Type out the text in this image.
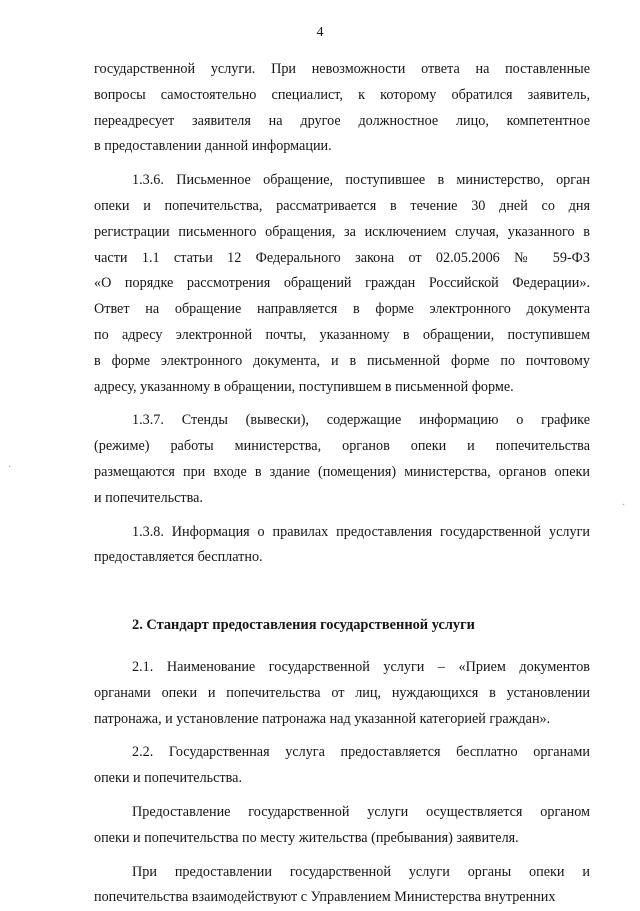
4
государственной услуги. При невозможности ответа на поставленные
вопросы самостоятельно специалист, к которому обратился заявитель,
переадресует заявителя на другое должностное лицо, компетентное
в предоставлении данной информации.
1.3.6. Письменное обращение, поступившее в министерство, орган
опеки и попечительства, рассматривается в течение 30 дней со дня
регистрации письменного обращения, за исключением случая, указанного в
части 1.1 статьи 12 Федерального закона от 02.05.2006 № 59-ФЗ
«О порядке рассмотрения обращений граждан Российской Федерации».
Ответ на обращение направляется в форме электронного документа
по адресу электронной почты, указанному в обращении, поступившем
в форме электронного документа, и в письменной форме по почтовому
адресу, указанному в обращении, поступившем в письменной форме.
1.3.7. Стенды (вывески), содержащие информацию о графике
(режиме) работы министерства, органов опеки и попечительства
размещаются при входе в здание (помещения) министерства, органов опеки
и попечительства.
1.3.8. Информация о правилах предоставления государственной услуги
предоставляется бесплатно.
2. Стандарт предоставления государственной услуги
2.1. Наименование государственной услуги – «Прием документов
органами опеки и попечительства от лиц, нуждающихся в установлении
патронажа, и установление патронажа над указанной категорией граждан».
2.2. Государственная услуга предоставляется бесплатно органами
опеки и попечительства.
Предоставление государственной услуги осуществляется органом
опеки и попечительства по месту жительства (пребывания) заявителя.
При предоставлении государственной услуги органы опеки и
попечительства взаимодействуют с Управлением Министерства внутренних
·
·
